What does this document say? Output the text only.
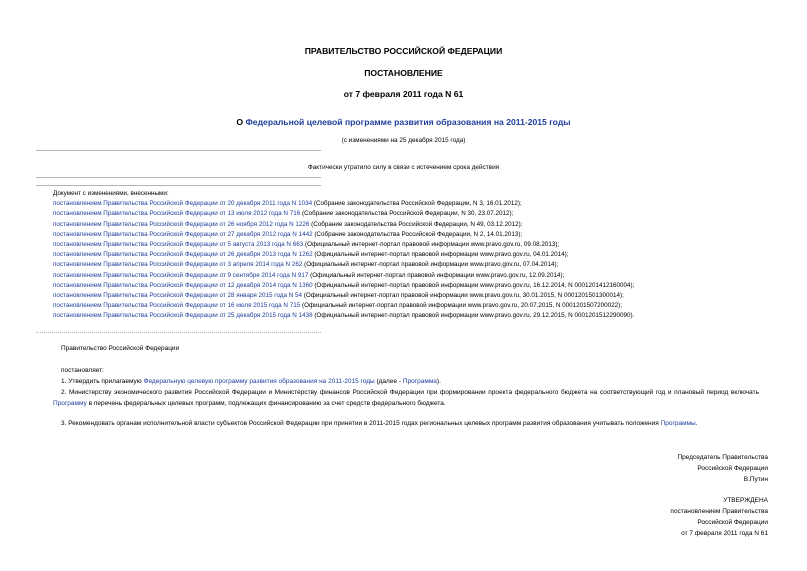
ПРАВИТЕЛЬСТВО РОССИЙСКОЙ ФЕДЕРАЦИИ
ПОСТАНОВЛЕНИЕ
от 7 февраля 2011 года N 61
О Федеральной целевой программе развития образования на 2011-2015 годы
(с изменениями на 25 декабря 2015 года)
Фактически утратило силу в связи с истечением срока действия
Документ с изменениями, внесенными:
постановлением Правительства Российской Федерации от 20 декабря 2011 года N 1034 (Собрание законодательства Российской Федерации, N 3, 16.01.2012);
постановлением Правительства Российской Федерации от 13 июля 2012 года N 716 (Собрание законодательства Российской Федерации, N 30, 23.07.2012);
постановлением Правительства Российской Федерации от 26 ноября 2012 года N 1226 (Собрание законодательства Российской Федерации, N 49, 03.12.2012);
постановлением Правительства Российской Федерации от 27 декабря 2012 года N 1442 (Собрание законодательства Российской Федерации, N 2, 14.01.2013);
постановлением Правительства Российской Федерации от 5 августа 2013 года N 663 (Официальный интернет-портал правовой информации www.pravo.gov.ru, 09.08.2013);
постановлением Правительства Российской Федерации от 26 декабря 2013 года N 1262 (Официальный интернет-портал правовой информации www.pravo.gov.ru, 04.01.2014);
постановлением Правительства Российской Федерации от 3 апреля 2014 года N 262 (Официальный интернет-портал правовой информации www.pravo.gov.ru, 07.04.2014);
постановлением Правительства Российской Федерации от 9 сентября 2014 года N 917 (Официальный интернет-портал правовой информации www.pravo.gov.ru, 12.09.2014);
постановлением Правительства Российской Федерации от 12 декабря 2014 года N 1360 (Официальный интернет-портал правовой информации www.pravo.gov.ru, 16.12.2014, N 0001201412160004);
постановлением Правительства Российской Федерации от 28 января 2015 года N 54 (Официальный интернет-портал правовой информации www.pravo.gov.ru, 30.01.2015, N 0001201501300014);
постановлением Правительства Российской Федерации от 16 июля 2015 года N 715 (Официальный интернет-портал правовой информации www.pravo.gov.ru, 20.07.2015, N 0001201507200022);
постановлением Правительства Российской Федерации от 25 декабря 2015 года N 1438 (Официальный интернет-портал правовой информации www.pravo.gov.ru, 29.12.2015, N 0001201512290090).
Правительство Российской Федерации
постановляет:
1. Утвердить прилагаемую Федеральную целевую программу развития образования на 2011-2015 годы (далее - Программа).
2. Министерству экономического развития Российской Федерации и Министерству финансов Российской Федерации при формировании проекта федерального бюджета на соответствующий год и плановый период включать Программу в перечень федеральных целевых программ, подлежащих финансированию за счет средств федерального бюджета.
3. Рекомендовать органам исполнительной власти субъектов Российской Федерации при принятии в 2011-2015 годах региональных целевых программ развития образования учитывать положения Программы.
Председатель Правительства
Российской Федерации
В.Путин
УТВЕРЖДЕНА
постановлением Правительства
Российской Федерации
от 7 февраля 2011 года N 61
